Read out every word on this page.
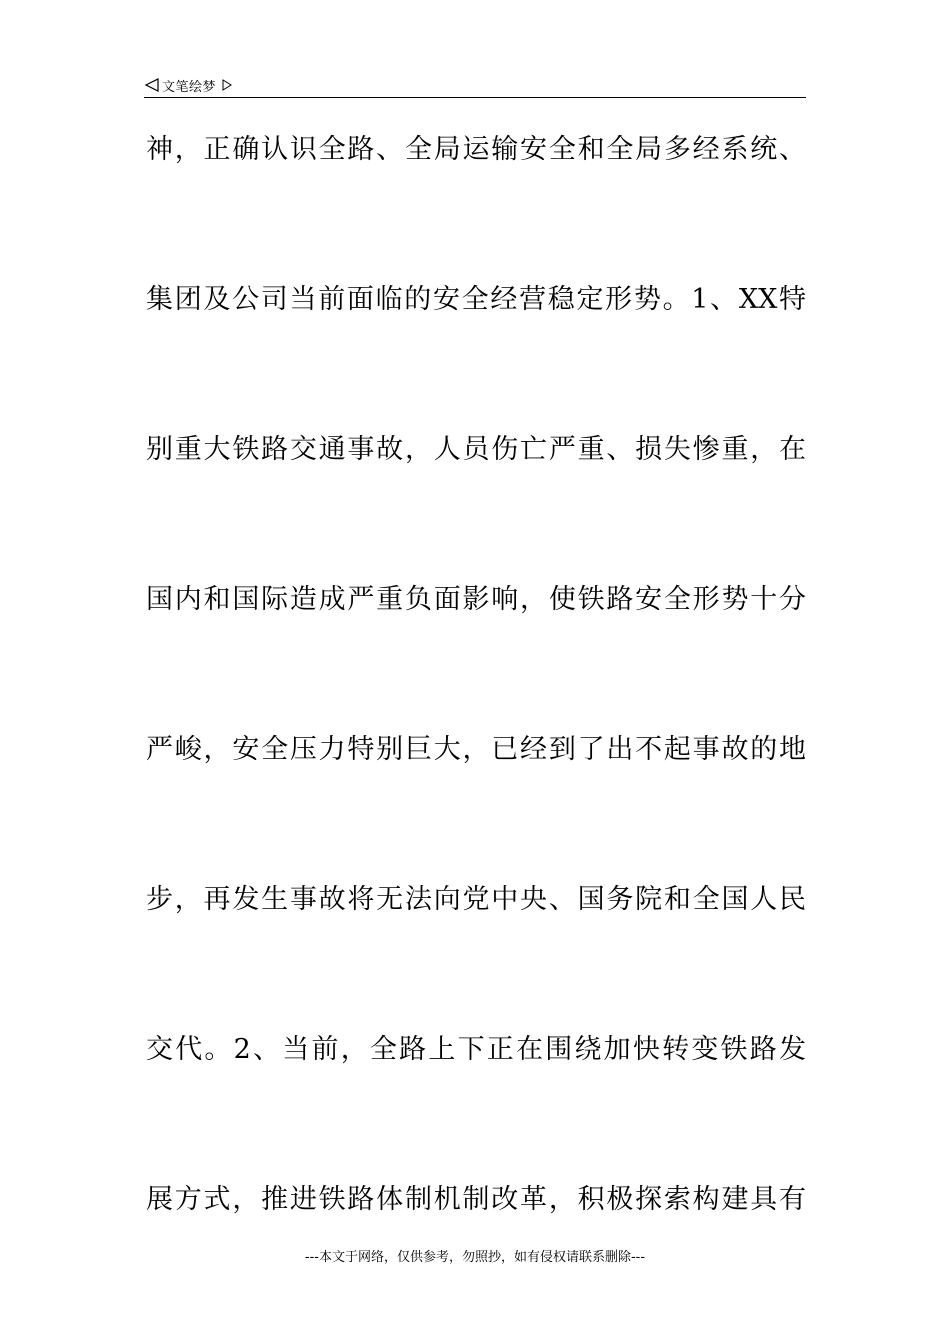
文笔绘梦
神，正确认识全路、全局运输安全和全局多经系统、
集团及公司当前面临的安全经营稳定形势。1、XX特
别重大铁路交通事故，人员伤亡严重、损失惨重，在
国内和国际造成严重负面影响，使铁路安全形势十分
严峻，安全压力特别巨大，已经到了出不起事故的地
步，再发生事故将无法向党中央、国务院和全国人民
交代。2、当前，全路上下正在围绕加快转变铁路发
展方式，推进铁路体制机制改革，积极探索构建具有
---本文于网络，仅供参考，勿照抄，如有侵权请联系删除---
